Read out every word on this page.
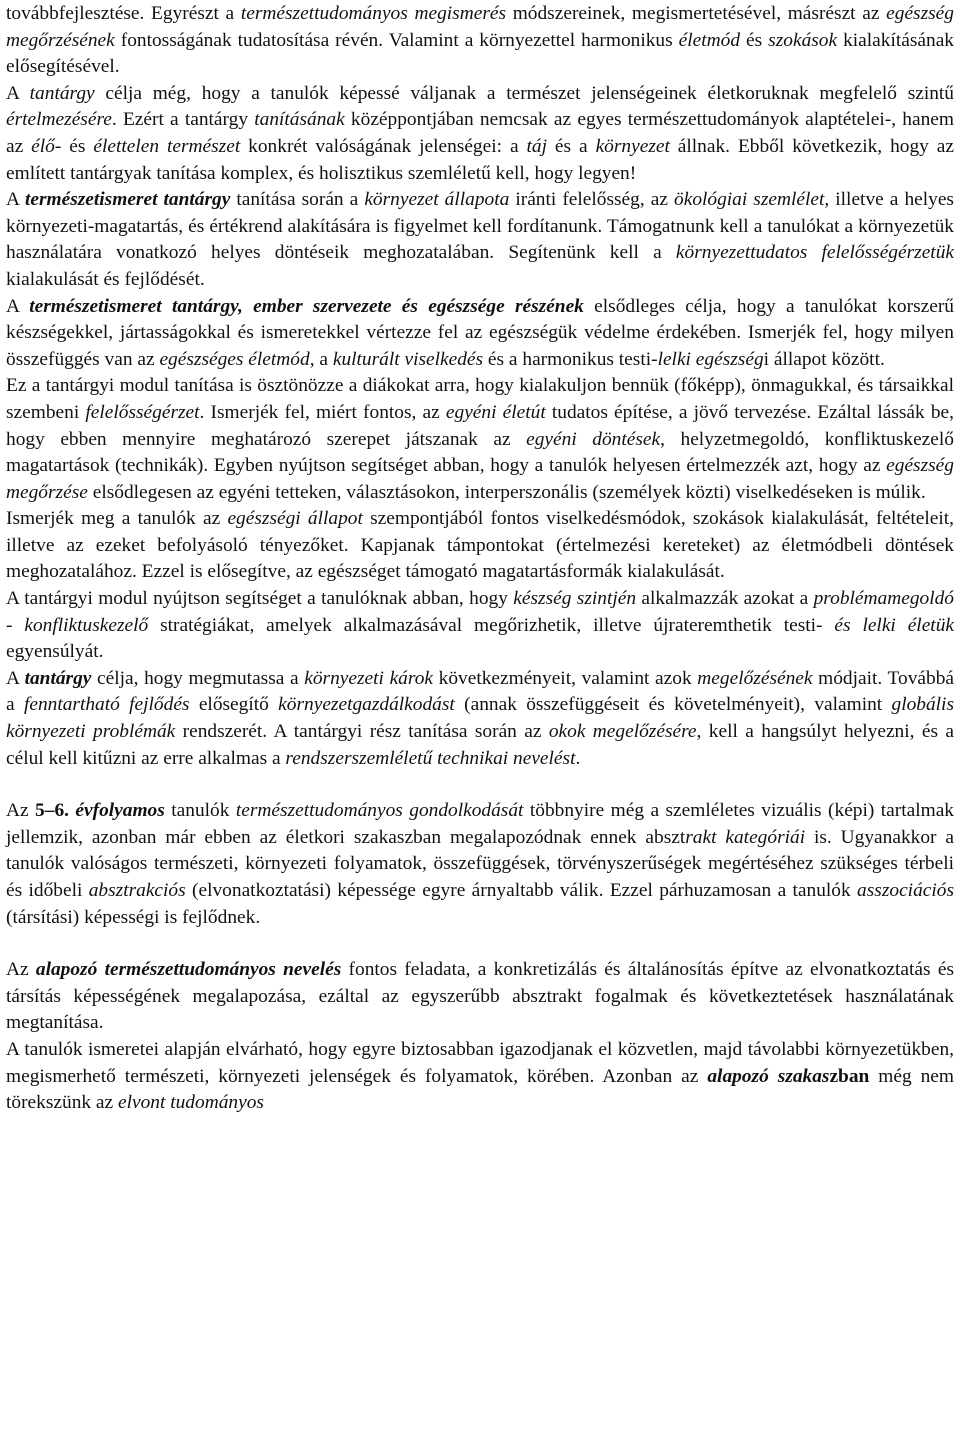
továbbfejlesztése. Egyrészt a természettudományos megismerés módszereinek, megismertetésével, másrészt az egészség megőrzésének fontosságának tudatosítása révén. Valamint a környezettel harmonikus életmód és szokások kialakításának elősegítésével.

A tantárgy célja még, hogy a tanulók képessé váljanak a természet jelenségeinek életkoruknak megfelelő szintű értelmezésére. Ezért a tantárgy tanításának középpontjában nemcsak az egyes természettudományok alaptételei-, hanem az élő- és élettelen természet konkrét valóságának jelenségei: a táj és a környezet állnak. Ebből következik, hogy az említett tantárgyak tanítása komplex, és holisztikus szemléletű kell, hogy legyen!

A természetismeret tantárgy tanítása során a környezet állapota iránti felelősség, az ökológiai szemlélet, illetve a helyes környezeti-magatartás, és értékrend alakítására is figyelmet kell fordítanunk. Támogatnunk kell a tanulókat a környezetük használatára vonatkozó helyes döntéseik meghozatalában. Segítenünk kell a környezettudatos felelősségérzetük kialakulását és fejlődését.

A természetismeret tantárgy, ember szervezete és egészsége részének elsődleges célja, hogy a tanulókat korszerű készségekkel, jártasságokkal és ismeretekkel vértezze fel az egészségük védelme érdekében. Ismerjék fel, hogy milyen összefüggés van az egészséges életmód, a kulturált viselkedés és a harmonikus testi-lelki egészségi állapot között.

Ez a tantárgyi modul tanítása is ösztönözze a diákokat arra, hogy kialakuljon bennük (főképp), önmagukkal, és társaikkal szembeni felelősségérzet. Ismerjék fel, miért fontos, az egyéni életút tudatos építése, a jövő tervezése. Ezáltal lássák be, hogy ebben mennyire meghatározó szerepet játszanak az egyéni döntések, helyzetmegoldó, konfliktuskezelő magatartások (technikák). Egyben nyújtson segítséget abban, hogy a tanulók helyesen értelmezzék azt, hogy az egészség megőrzése elsődlegesen az egyéni tetteken, választásokon, interperszonális (személyek közti) viselkedéseken is múlik.

Ismerjék meg a tanulók az egészségi állapot szempontjából fontos viselkedésmódok, szokások kialakulását, feltételeit, illetve az ezeket befolyásoló tényezőket. Kapjanak támpontokat (értelmezési kereteket) az életmódbeli döntések meghozatalához. Ezzel is elősegítve, az egészséget támogató magatartásformák kialakulását.

A tantárgyi modul nyújtson segítséget a tanulóknak abban, hogy készség szintjén alkalmazzák azokat a problémamegoldó - konfliktuskezelő stratégiákat, amelyek alkalmazásával megőrizhetik, illetve újrateremthetik testi- és lelki életük egyensúlyát.

A tantárgy célja, hogy megmutassa a környezeti károk következményeit, valamint azok megelőzésének módjait. Továbbá a fenntartható fejlődés elősegítő környezetgazdálkodást (annak összefüggéseit és követelményeit), valamint globális környezeti problémák rendszerét. A tantárgyi rész tanítása során az okok megelőzésére, kell a hangsúlyt helyezni, és a célul kell kitűzni az erre alkalmas a rendszerszemléletű technikai nevelést.

Az 5–6. évfolyamos tanulók természettudományos gondolkodását többnyire még a szemléletes vizuális (képi) tartalmak jellemzik, azonban már ebben az életkori szakaszban megalapozódnak ennek absztrakt kategóriái is. Ugyanakkor a tanulók valóságos természeti, környezeti folyamatok, összefüggések, törvényszerűségek megértéséhez szükséges térbeli és időbeli absztrakciós (elvonatkoztatási) képessége egyre árnyaltabb válik. Ezzel párhuzamosan a tanulók asszociációs (társítási) képességi is fejlődnek.

Az alapozó természettudományos nevelés fontos feladata, a konkretizálás és általánosítás építve az elvonatkoztatás és társítás képességének megalapozása, ezáltal az egyszerűbb absztrakt fogalmak és következtetések használatának megtanítása.

A tanulók ismeretei alapján elvárható, hogy egyre biztosabban igazodjanak el közvetlen, majd távolabbi környezetükben, megismerhető természeti, környezeti jelenségek és folyamatok, körében. Azonban az alapozó szakaszban még nem törekszünk az elvont tudományos
